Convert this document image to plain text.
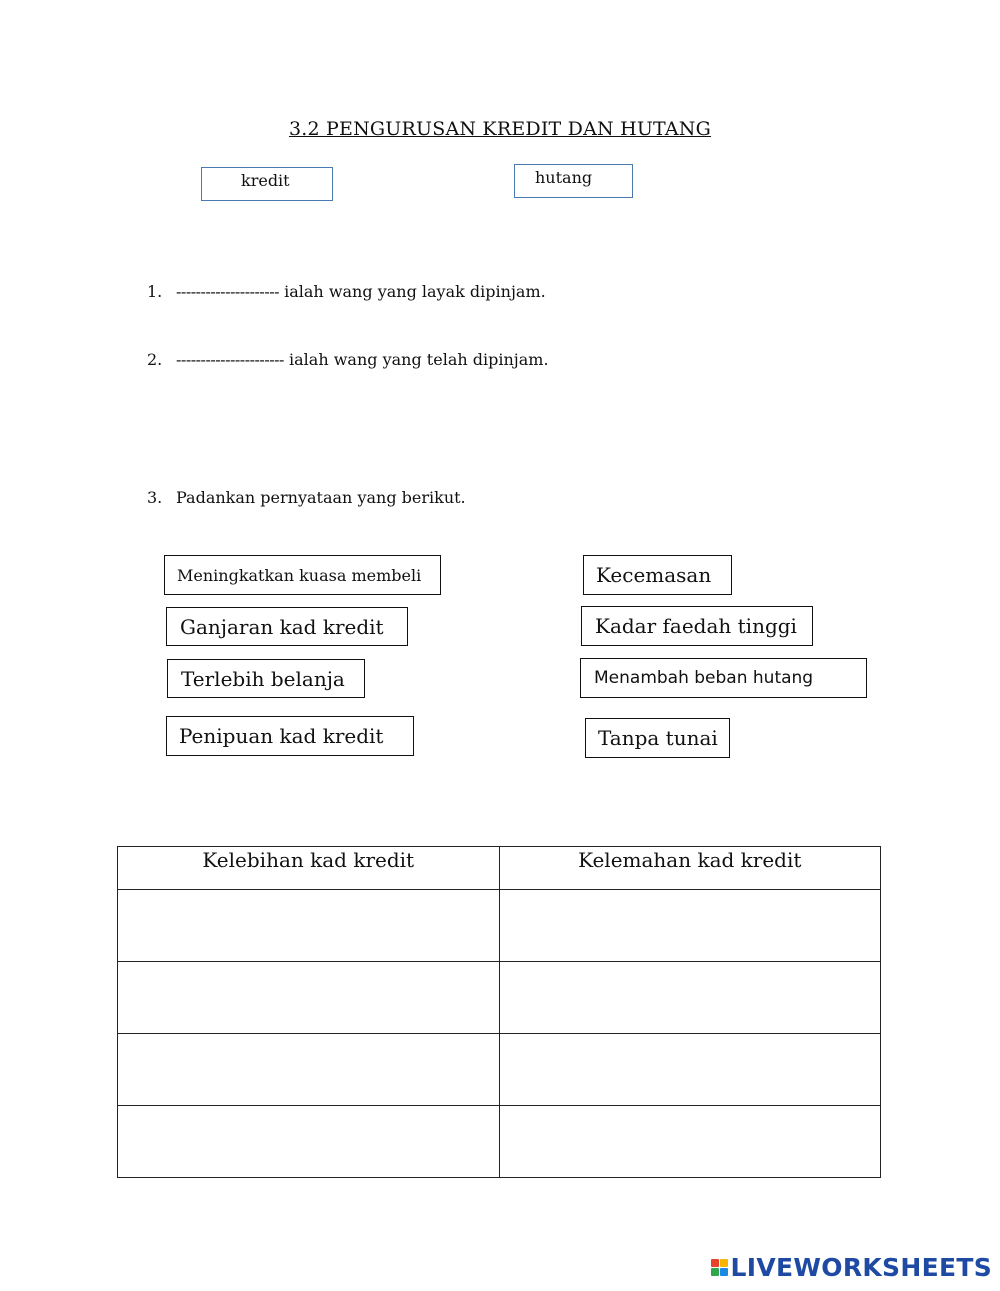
3.2 PENGURUSAN KREDIT DAN HUTANG
kredit	hutang
1. --------------------- ialah wang yang layak dipinjam.
2. ---------------------- ialah wang yang telah dipinjam.
3. Padankan pernyataan yang berikut.
Meningkatkan kuasa membeli
Ganjaran kad kredit
Terlebih belanja
Penipuan kad kredit
Kecemasan
Kadar faedah tinggi
Menambah beban hutang
Tanpa tunai
Kelebihan kad kredit	Kelemahan kad kredit

LIVEWORKSHEETS
